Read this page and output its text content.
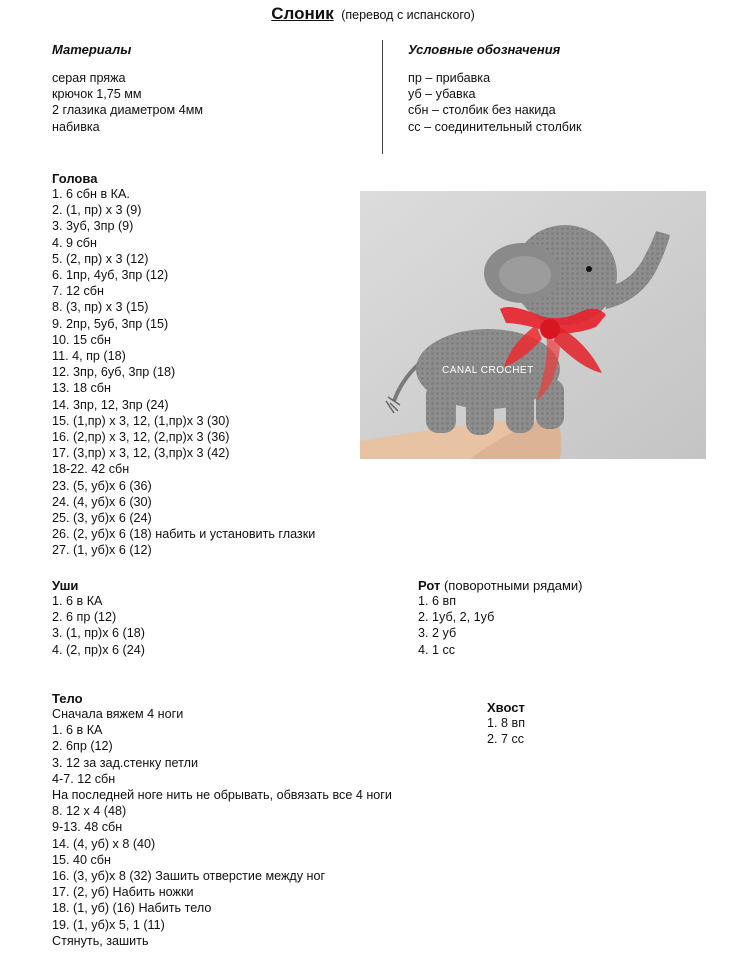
Слоник (перевод с испанского)
Материалы
серая пряжа
крючок 1,75 мм
2 глазика диаметром 4мм
набивка
Условные обозначения
пр – прибавка
уб – убавка
сбн – столбик без накида
сс – соединительный столбик
Голова
1. 6 сбн в КА.
2. (1, пр) х 3 (9)
3. 3уб, 3пр (9)
4. 9 сбн
5. (2, пр) х 3 (12)
6. 1пр, 4уб, 3пр (12)
7. 12 сбн
8. (3, пр) х 3 (15)
9. 2пр, 5уб, 3пр (15)
10. 15 сбн
11. 4, пр (18)
12. 3пр, 6уб, 3пр (18)
13. 18 сбн
14. 3пр, 12, 3пр (24)
15. (1,пр) х 3, 12, (1,пр)х 3 (30)
16. (2,пр) х 3, 12, (2,пр)х 3 (36)
17. (3,пр) х 3, 12, (3,пр)х 3 (42)
18-22. 42 сбн
23. (5, уб)х 6 (36)
24. (4, уб)х 6 (30)
25. (3, уб)х 6 (24)
26. (2, уб)х 6 (18) набить и установить глазки
27. (1, уб)х 6 (12)
CANAL CROCHET
Уши
1. 6 в КА
2. 6 пр (12)
3. (1, пр)х 6 (18)
4. (2, пр)х 6 (24)
Рот (поворотными рядами)
1. 6 вп
2. 1уб, 2, 1уб
3. 2 уб
4. 1 сс
Тело
Сначала вяжем 4 ноги
1. 6 в КА
2. 6пр (12)
3. 12 за зад.стенку петли
4-7. 12 сбн
На последней ноге нить не обрывать, обвязать все 4 ноги
8. 12 х 4 (48)
9-13. 48 сбн
14. (4, уб) х 8 (40)
15. 40 сбн
16. (3, уб)х 8 (32) Зашить отверстие между ног
17. (2, уб) Набить ножки
18. (1, уб) (16) Набить тело
19. (1, уб)х 5, 1 (11)
Стянуть, зашить
Хвост
1. 8 вп
2. 7 сс
